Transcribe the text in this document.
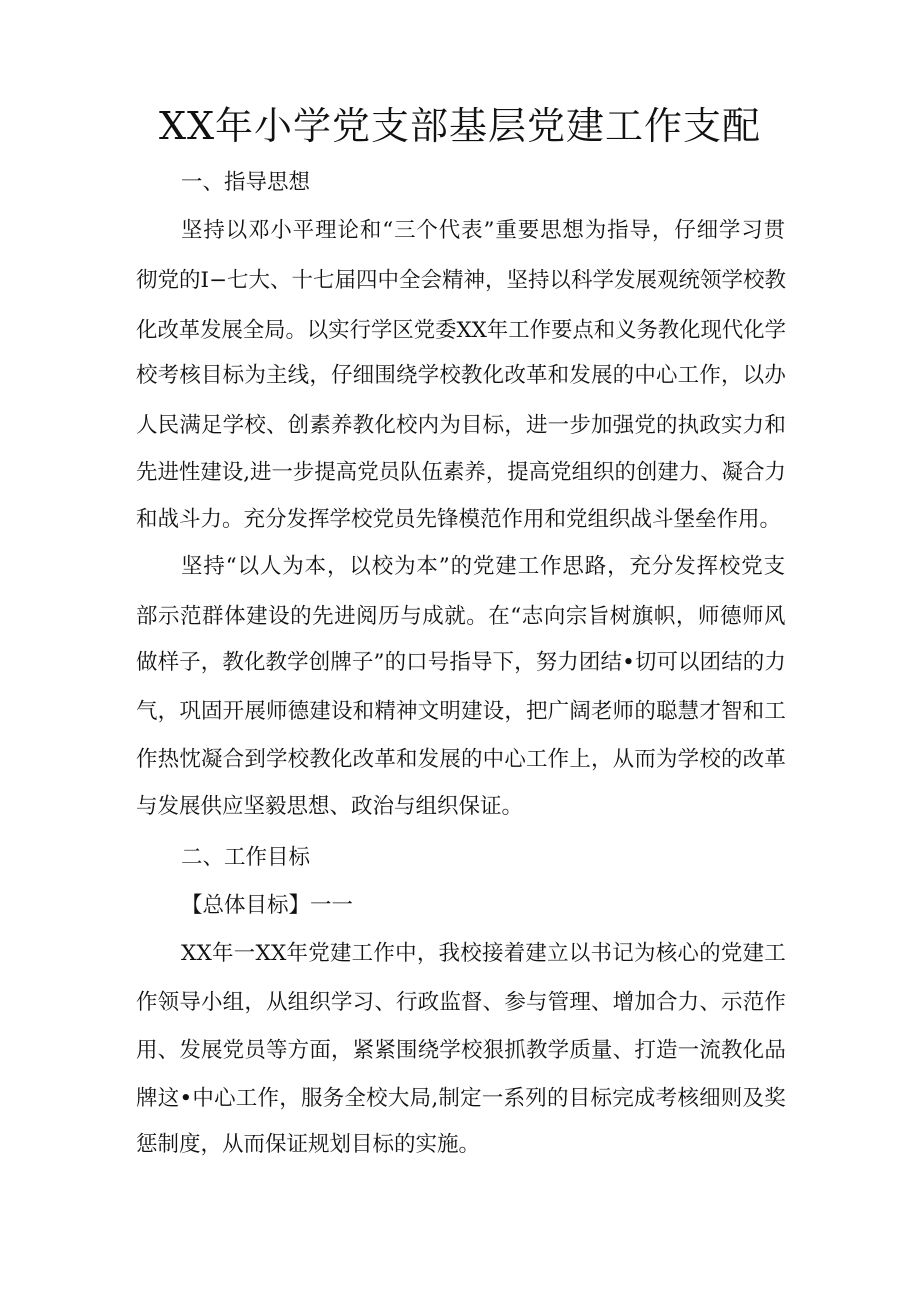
XX年小学党支部基层党建工作支配

一、指导思想

坚持以邓小平理论和“三个代表”重要思想为指导，仔细学习贯

彻党的I−七大、十七届四中全会精神，坚持以科学发展观统领学校教

化改革发展全局。以实行学区党委XX年工作要点和义务教化现代化学

校考核目标为主线，仔细围绕学校教化改革和发展的中心工作，以办

人民满足学校、创素养教化校内为目标，进一步加强党的执政实力和

先进性建设,进一步提高党员队伍素养，提高党组织的创建力、凝合力

和战斗力。充分发挥学校党员先锋模范作用和党组织战斗堡垒作用。

坚持“以人为本，以校为本”的党建工作思路，充分发挥校党支

部示范群体建设的先进阅历与成就。在“志向宗旨树旗帜，师德师风

做样子，教化教学创牌子”的口号指导下，努力团结•切可以团结的力

气，巩固开展师德建设和精神文明建设，把广阔老师的聪慧才智和工

作热忱凝合到学校教化改革和发展的中心工作上，从而为学校的改革

与发展供应坚毅思想、政治与组织保证。

二、工作目标

【总体目标】一一

XX年一XX年党建工作中，我校接着建立以书记为核心的党建工

作领导小组，从组织学习、行政监督、参与管理、增加合力、示范作

用、发展党员等方面，紧紧围绕学校狠抓教学质量、打造一流教化品

牌这•中心工作，服务全校大局,制定一系列的目标完成考核细则及奖

惩制度，从而保证规划目标的实施。
